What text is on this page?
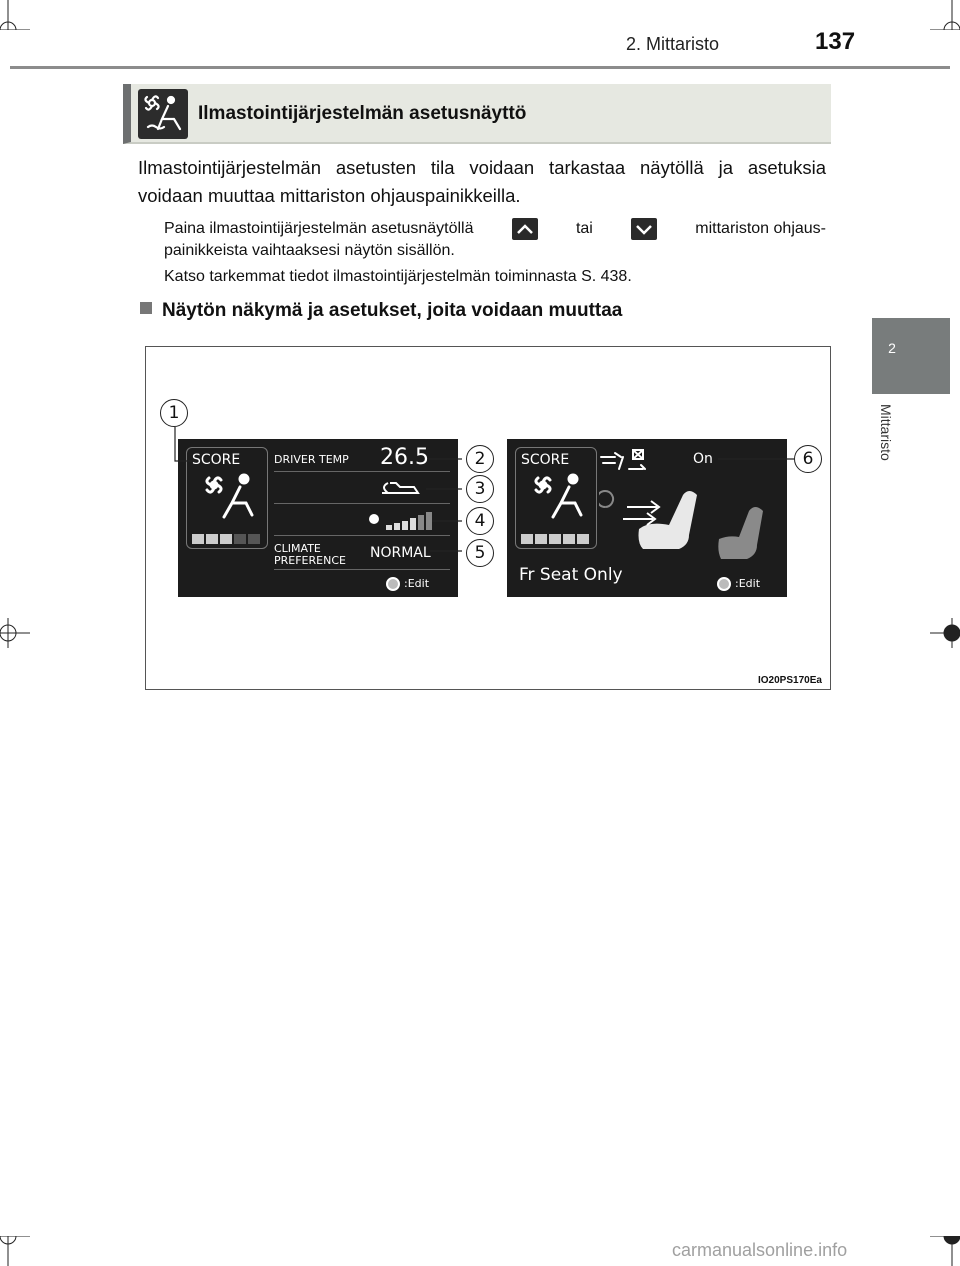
2. Mittaristo	137
2
Mittaristo
Ilmastointijärjestelmän asetusnäyttö
Ilmastointijärjestelmän asetusten tila voidaan tarkastaa näytöllä ja asetuksia voidaan muuttaa mittariston ohjauspainikkeilla.
Paina ilmastointijärjestelmän asetusnäytöllä	tai	mittariston ohjaus-
painikkeista vaihtaaksesi näytön sisällön.
Katso tarkemmat tiedot ilmastointijärjestelmän toiminnasta S. 438.
Näytön näkymä ja asetukset, joita voidaan muuttaa
SCORE	DRIVER TEMP 26.5
CLIMATE
PREFERENCE NORMAL
:Edit
SCORE	On
Fr Seat Only	:Edit
1
2
3
4
5
6
IO20PS170Ea
carmanualsonline.info
